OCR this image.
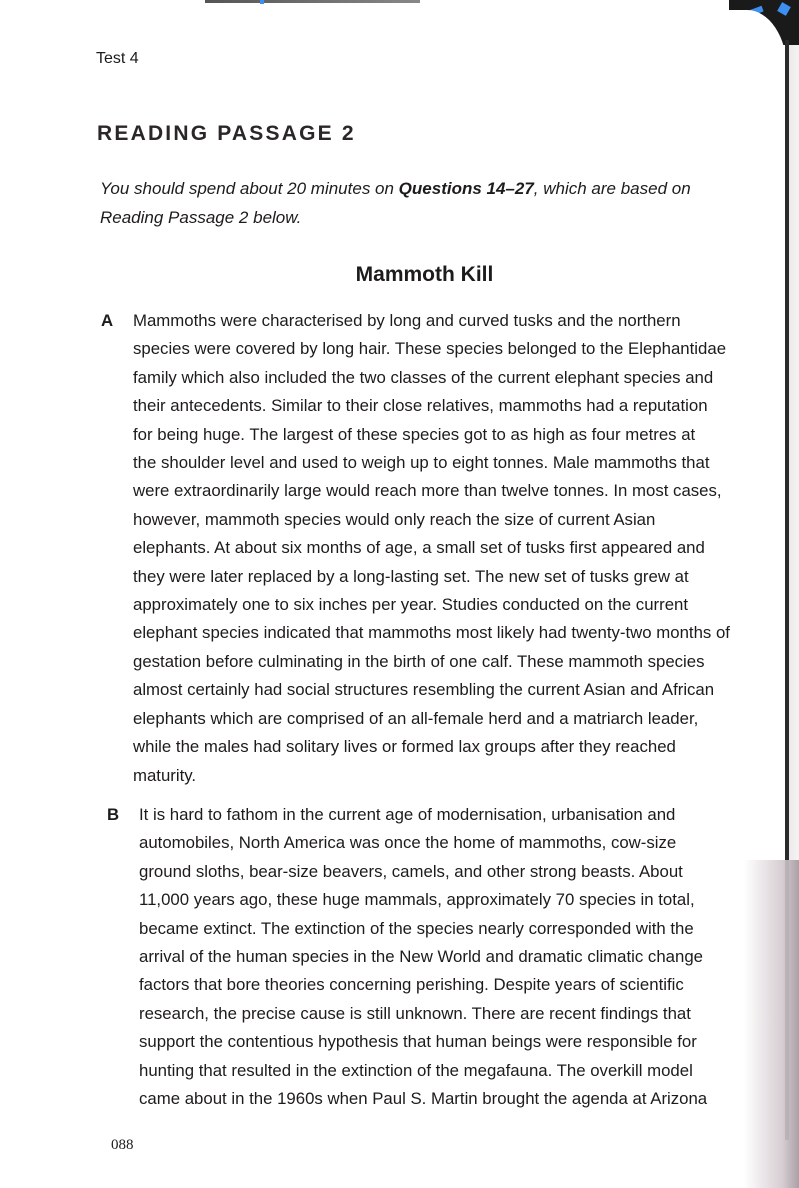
Test 4
READING PASSAGE 2
You should spend about 20 minutes on Questions 14–27, which are based on
Reading Passage 2 below.
Mammoth Kill
A Mammoths were characterised by long and curved tusks and the northern
species were covered by long hair. These species belonged to the Elephantidae
family which also included the two classes of the current elephant species and
their antecedents. Similar to their close relatives, mammoths had a reputation
for being huge. The largest of these species got to as high as four metres at
the shoulder level and used to weigh up to eight tonnes. Male mammoths that
were extraordinarily large would reach more than twelve tonnes. In most cases,
however, mammoth species would only reach the size of current Asian
elephants. At about six months of age, a small set of tusks first appeared and
they were later replaced by a long-lasting set. The new set of tusks grew at
approximately one to six inches per year. Studies conducted on the current
elephant species indicated that mammoths most likely had twenty-two months of
gestation before culminating in the birth of one calf. These mammoth species
almost certainly had social structures resembling the current Asian and African
elephants which are comprised of an all-female herd and a matriarch leader,
while the males had solitary lives or formed lax groups after they reached
maturity.
B It is hard to fathom in the current age of modernisation, urbanisation and
automobiles, North America was once the home of mammoths, cow-size
ground sloths, bear-size beavers, camels, and other strong beasts. About
11,000 years ago, these huge mammals, approximately 70 species in total,
became extinct. The extinction of the species nearly corresponded with the
arrival of the human species in the New World and dramatic climatic change
factors that bore theories concerning perishing. Despite years of scientific
research, the precise cause is still unknown. There are recent findings that
support the contentious hypothesis that human beings were responsible for
hunting that resulted in the extinction of the megafauna. The overkill model
came about in the 1960s when Paul S. Martin brought the agenda at Arizona
088
